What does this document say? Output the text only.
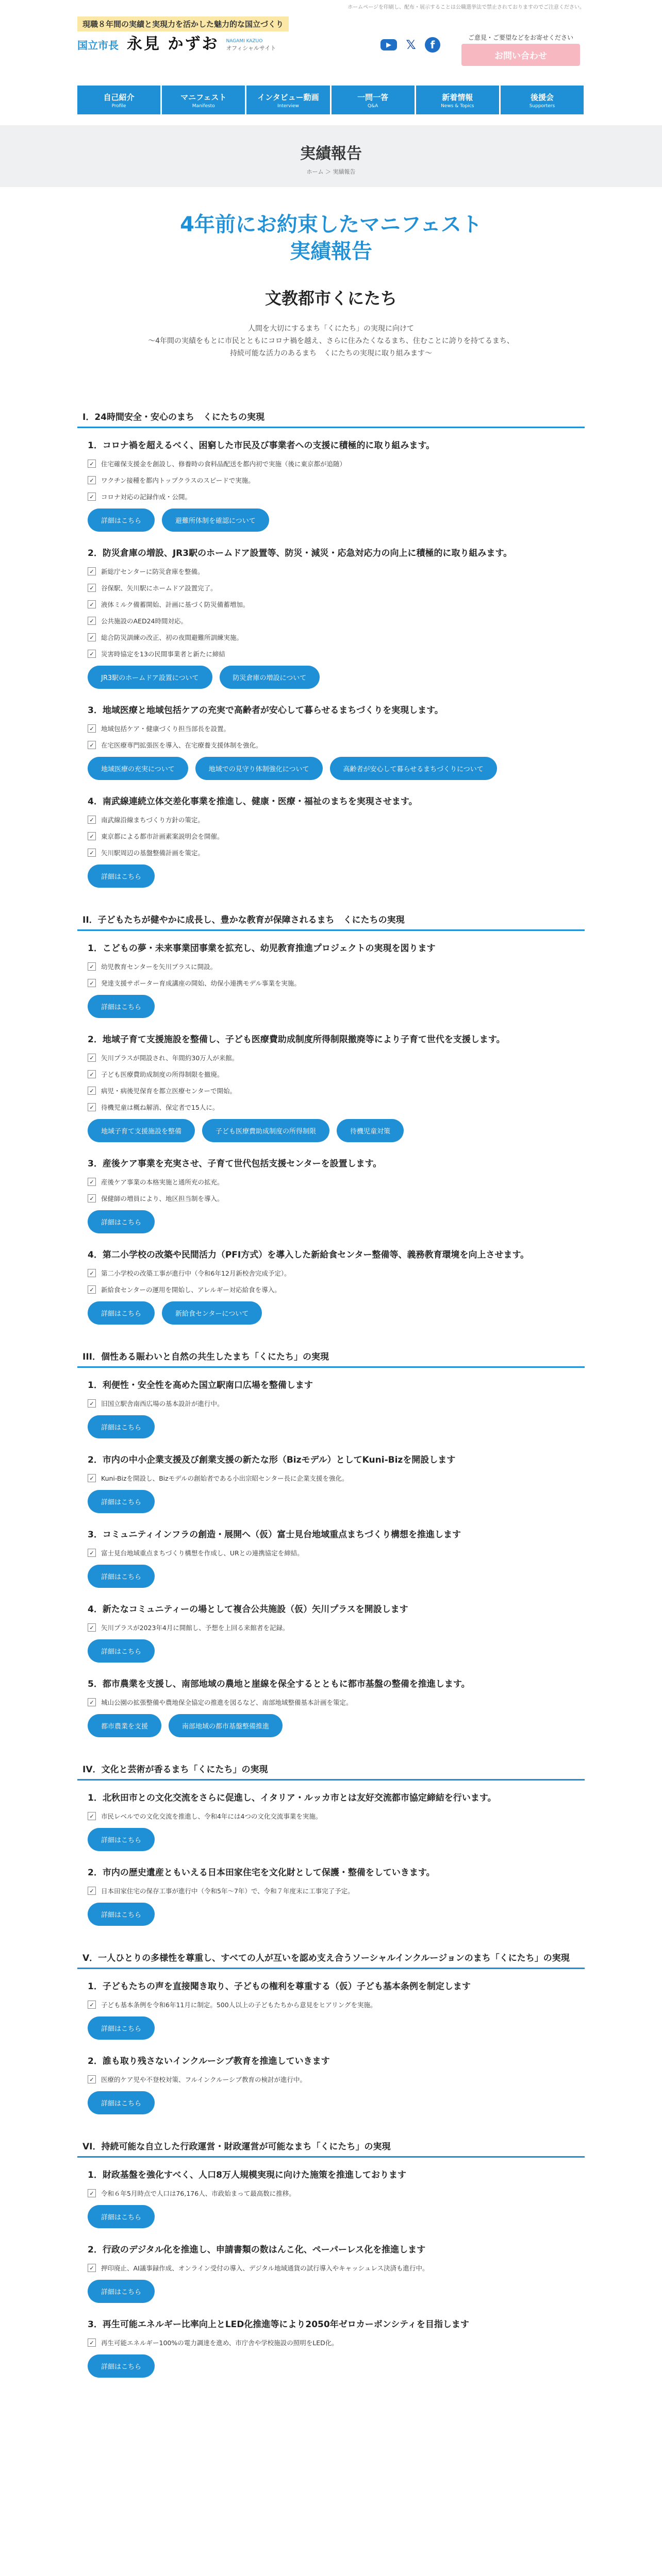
ホームページを印刷し、配布・展示することは公職選挙法で禁止されておりますのでご注意ください。
現職８年間の実績と実現力を活かした魅力的な国立づくり
国立市長 永見 かずお NAGAMI KAZUO
オフィシャルサイト	▶	𝕏	f
ご意見・ご要望などをお寄せください
お問い合わせ
自己紹介
Profile
マニフェスト
Manifesto
インタビュー動画
Interview
一問一答
Q&A
新着情報
News & Topics
後援会
Supporters
実績報告
ホーム ＞ 実績報告
4年前にお約束したマニフェスト
実績報告
文教都市くにたち
人間を大切にするまち「くにたち」の実現に向けて
～4年間の実績をもとに市民とともにコロナ禍を越え、さらに住みたくなるまち、住むことに誇りを持てるまち、
持続可能な活力のあるまち　くにたちの実現に取り組みます～
I．24時間安全・安心のまち　くにたちの実現
1．コロナ禍を超えるべく、困窮した市民及び事業者への支援に積極的に取り組みます。
✓ 住宅確保支援金を創設し、修養時の食料品配送を都内初で実施（後に東京都が追随）
✓ ワクチン接種を都内トップクラスのスピードで実施。
✓ コロナ対応の記録作成・公開。
詳細はこちら	避難所体制を確認について
2．防災倉庫の増設、JR3駅のホームドア設置等、防災・減災・応急対応力の向上に積極的に取り組みます。
✓ 新総庁センターに防災倉庫を整備。
✓ 谷保駅、矢川駅にホームドア設置完了。
✓ 液体ミルク備蓄開始、計画に基づく防災備蓄増加。
✓ 公共施設のAED24時間対応。
✓ 総合防災訓練の改正、初の夜間避難所訓練実施。
✓ 災害時協定を13の民間事業者と新たに締結
JR3駅のホームドア設置について	防災倉庫の増設について
3．地域医療と地域包括ケアの充実で高齢者が安心して暮らせるまちづくりを実現します。
✓ 地域包括ケア・健康づくり担当部長を設置。
✓ 在宅医療専門拡張医を導入、在宅療養支援体制を強化。
地域医療の充実について	地域での見守り体制強化について	高齢者が安心して暮らせるまちづくりについて
4．南武線連続立体交差化事業を推進し、健康・医療・福祉のまちを実現させます。
✓ 南武線沿線まちづくり方針の策定。
✓ 東京都による都市計画素案説明会を開催。
✓ 矢川駅周辺の基盤整備計画を策定。
詳細はこちら
II．子どもたちが健やかに成長し、豊かな教育が保障されるまち　くにたちの実現
1．こどもの夢・未来事業団事業を拡充し、幼児教育推進プロジェクトの実現を図ります
✓ 幼児教育センターを矢川プラスに開設。
✓ 発達支援サポーター育成講座の開始、幼保小連携モデル事業を実施。
詳細はこちら
2．地域子育て支援施設を整備し、子ども医療費助成制度所得制限撤廃等により子育て世代を支援します。
✓ 矢川プラスが開設され、年間約30万人が来館。
✓ 子ども医療費助成制度の所得制限を撤廃。
✓ 病児・病後児保育を都立医療センターで開始。
✓ 待機児童は概ね解消、保定者で15人に。
地域子育て支援施設を整備	子ども医療費助成制度の所得制限	待機児童対策
3．産後ケア事業を充実させ、子育て世代包括支援センターを設置します。
✓ 産後ケア事業の本格実施と通所充の拡充。
✓ 保健師の増員により、地区担当制を導入。
詳細はこちら
4．第二小学校の改築や民間活力（PFI方式）を導入した新給食センター整備等、義務教育環境を向上させます。
✓ 第二小学校の改築工事が進行中（令和6年12月新校舎完成予定）。
✓ 新給食センターの運用を開始し、アレルギー対応給食を導入。
詳細はこちら	新給食センターについて
III．個性ある賑わいと自然の共生したまち「くにたち」の実現
1．利便性・安全性を高めた国立駅南口広場を整備します
✓ 旧国立駅舎南西広場の基本設計が進行中。
詳細はこちら
2．市内の中小企業支援及び創業支援の新たな形（Bizモデル）としてKuni-Bizを開設します
✓ Kuni-Bizを開設し、Bizモデルの創始者である小出宗昭センター長に企業支援を強化。
詳細はこちら
3．コミュニティインフラの創造・展開へ（仮）富士見台地域重点まちづくり構想を推進します
✓ 富士見台地域重点まちづくり構想を作成し、URとの連携協定を締結。
詳細はこちら
4．新たなコミュニティーの場として複合公共施設（仮）矢川プラスを開設します
✓ 矢川プラスが2023年4月に開館し、予想を上回る来館者を記録。
詳細はこちら
5．都市農業を支援し、南部地域の農地と崖線を保全するとともに都市基盤の整備を推進します。
✓ 城山公園の拡張整備や農地保全協定の推進を図るなど、南部地域整備基本計画を策定。
都市農業を支援	南部地域の都市基盤整備推進
IV．文化と芸術が香るまち「くにたち」の実現
1．北秋田市との文化交流をさらに促進し、イタリア・ルッカ市とは友好交流都市協定締結を行います。
✓ 市民レベルでの文化交流を推進し、令和4年には4つの文化交流事業を実施。
詳細はこちら
2．市内の歴史遺産ともいえる日本田家住宅を文化財として保護・整備をしていきます。
✓ 日本田家住宅の保存工事が進行中（令和5年～7年）で、令和７年度末に工事完了予定。
詳細はこちら
V．一人ひとりの多様性を尊重し、すべての人が互いを認め支え合うソーシャルインクルージョンのまち「くにたち」の実現
1．子どもたちの声を直接聞き取り、子どもの権利を尊重する（仮）子ども基本条例を制定します
✓ 子ども基本条例を令和6年11月に制定。500人以上の子どもたちから意見をヒアリングを実施。
詳細はこちら
2．誰も取り残さないインクルーシブ教育を推進していきます
✓ 医療的ケア児や不登校対策、フルインクルーシブ教育の検討が進行中。
詳細はこちら
VI．持続可能な自立した行政運営・財政運営が可能なまち「くにたち」の実現
1．財政基盤を強化すべく、人口8万人規模実現に向けた施策を推進しております
✓ 令和６年5月時点で人口は76,176人、市政始まって最高数に推移。
詳細はこちら
2．行政のデジタル化を推進し、申請書類の数はんこ化、ペーパーレス化を推進します
✓ 押印廃止、AI議事録作成、オンライン受付の導入、デジタル地域通貨の試行導入やキャッシュレス決済も進行中。
詳細はこちら
3．再生可能エネルギー比率向上とLED化推進等により2050年ゼロカーボンシティを目指します
✓ 再生可能エネルギー100%の電力調達を進め、市庁舎や学校施設の照明をLED化。
詳細はこちら
